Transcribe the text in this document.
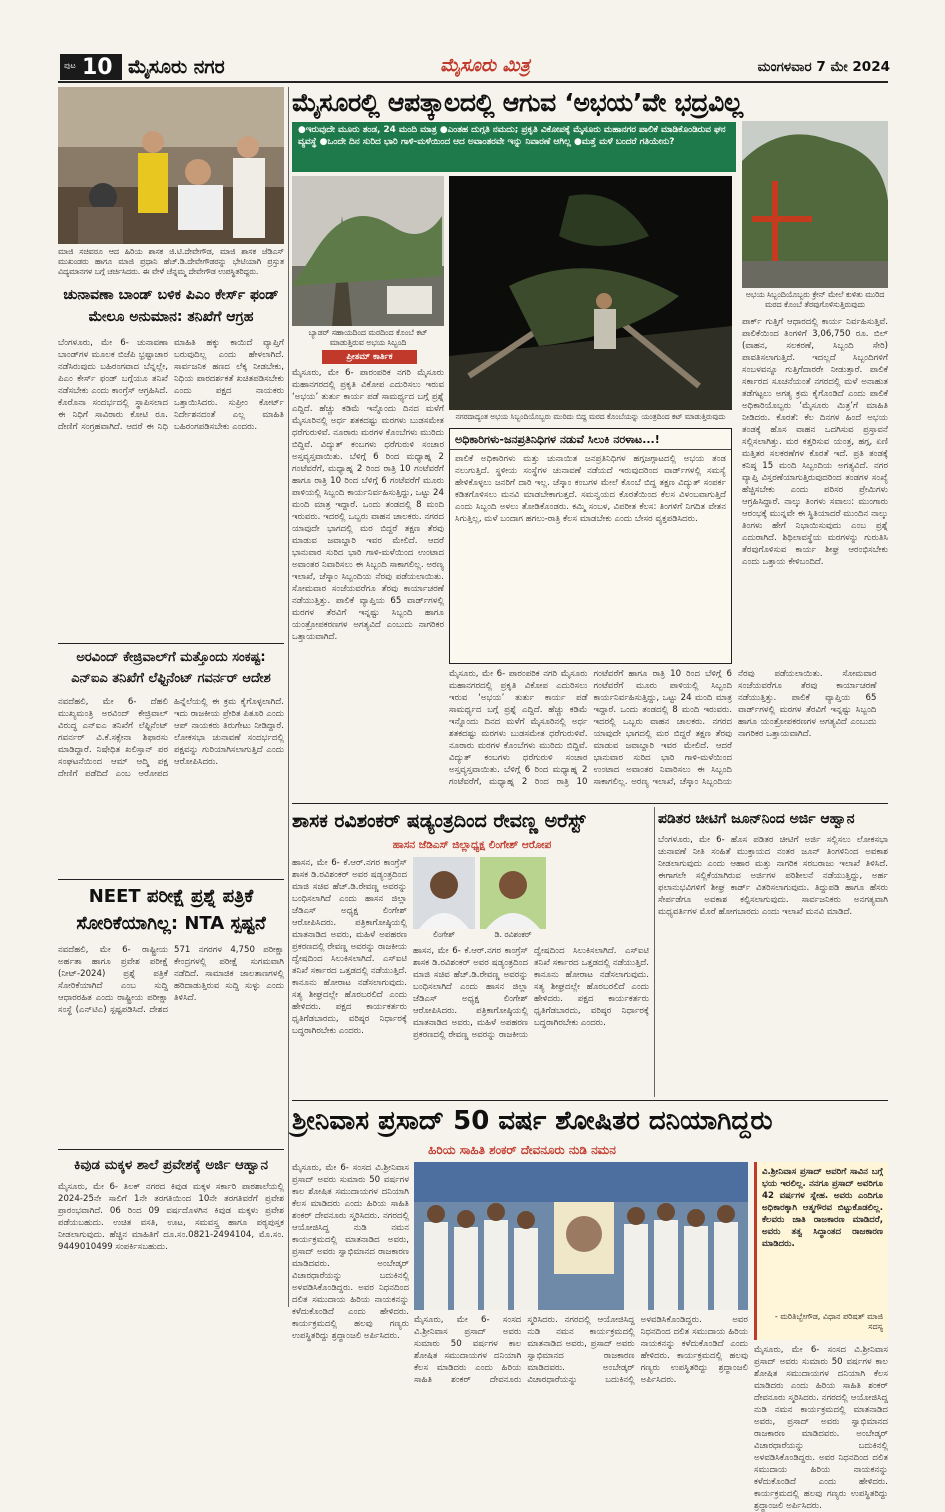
ಪುಟ 10 ಮೈಸೂರು ನಗರ	ಮೈಸೂರು ಮಿತ್ರ	ಮಂಗಳವಾರ 7 ಮೇ 2024
ಮಾಜಿ ಸಚಿವರೂ ಆದ ಹಿರಿಯ ಶಾಸಕ ಜಿ.ಟಿ.ದೇವೇಗೌಡ, ಮಾಜಿ ಶಾಸಕ ಜೆಡಿಎಸ್ ಮುಖಂಡರು ಹಾಗೂ ಮಾಜಿ ಪ್ರಧಾನಿ ಹೆಚ್.ಡಿ.ದೇವೇಗೌಡರನ್ನು ಭೇಟಿಯಾಗಿ ಪ್ರಸ್ತುತ ವಿದ್ಯಮಾನಗಳ ಬಗ್ಗೆ ಚರ್ಚಿಸಿದರು. ಈ ವೇಳೆ ಚೆನ್ನಮ್ಮ ದೇವೇಗೌಡ ಉಪಸ್ಥಿತರಿದ್ದರು.
ಚುನಾವಣಾ ಬಾಂಡ್ ಬಳಿಕ ಪಿಎಂ ಕೇರ್ಸ್ ಫಂಡ್ ಮೇಲೂ ಅನುಮಾನ: ತನಿಖೆಗೆ ಆಗ್ರಹ
ಬೆಂಗಳೂರು, ಮೇ 6- ಚುನಾವಣಾ ಬಾಂಡ್‌ಗಳ ಮೂಲಕ ಬಿಜೆಪಿ ಭ್ರಷ್ಟಾಚಾರ ನಡೆಸಿರುವುದು ಬಹಿರಂಗವಾದ ಬೆನ್ನಲ್ಲೇ, ಪಿಎಂ ಕೇರ್ಸ್ ಫಂಡ್ ಬಗ್ಗೆಯೂ ತನಿಖೆ ನಡೆಸಬೇಕು ಎಂದು ಕಾಂಗ್ರೆಸ್ ಆಗ್ರಹಿಸಿದೆ. ಕೊರೊನಾ ಸಂದರ್ಭದಲ್ಲಿ ಸ್ಥಾಪಿಸಲಾದ ಈ ನಿಧಿಗೆ ಸಾವಿರಾರು ಕೋಟಿ ರೂ. ದೇಣಿಗೆ ಸಂಗ್ರಹವಾಗಿದೆ. ಆದರೆ ಈ ನಿಧಿ ಮಾಹಿತಿ ಹಕ್ಕು ಕಾಯಿದೆ ವ್ಯಾಪ್ತಿಗೆ ಬರುವುದಿಲ್ಲ ಎಂದು ಹೇಳಲಾಗಿದೆ. ಸಾರ್ವಜನಿಕ ಹಣದ ಲೆಕ್ಕ ನೀಡಬೇಕು, ನಿಧಿಯ ಪಾರದರ್ಶಕತೆ ಖಚಿತಪಡಿಸಬೇಕು ಎಂದು ಪಕ್ಷದ ನಾಯಕರು ಒತ್ತಾಯಿಸಿದರು. ಸುಪ್ರೀಂ ಕೋರ್ಟ್ ನಿರ್ದೇಶನದಂತೆ ಎಲ್ಲ ಮಾಹಿತಿ ಬಹಿರಂಗಪಡಿಸಬೇಕು ಎಂದರು.
ಅರವಿಂದ್ ಕೇಜ್ರಿವಾಲ್‌ಗೆ ಮತ್ತೊಂದು ಸಂಕಷ್ಟ: ಎನ್‌ಐಎ ತನಿಖೆಗೆ ಲೆಫ್ಟಿನೆಂಟ್ ಗವರ್ನರ್ ಆದೇಶ
ನವದೆಹಲಿ, ಮೇ 6- ದೆಹಲಿ ಮುಖ್ಯಮಂತ್ರಿ ಅರವಿಂದ್ ಕೇಜ್ರಿವಾಲ್ ವಿರುದ್ಧ ಎನ್‌ಐಎ ತನಿಖೆಗೆ ಲೆಫ್ಟಿನೆಂಟ್ ಗವರ್ನರ್ ವಿ.ಕೆ.ಸಕ್ಸೇನಾ ಶಿಫಾರಸು ಮಾಡಿದ್ದಾರೆ. ನಿಷೇಧಿತ ಖಲಿಸ್ತಾನ್ ಪರ ಸಂಘಟನೆಯಿಂದ ಆಮ್ ಆದ್ಮಿ ಪಕ್ಷ ದೇಣಿಗೆ ಪಡೆದಿದೆ ಎಂಬ ಆರೋಪದ ಹಿನ್ನೆಲೆಯಲ್ಲಿ ಈ ಕ್ರಮ ಕೈಗೊಳ್ಳಲಾಗಿದೆ. ಇದು ರಾಜಕೀಯ ಪ್ರೇರಿತ ಪಿತೂರಿ ಎಂದು ಆಪ್ ನಾಯಕರು ತಿರುಗೇಟು ನೀಡಿದ್ದಾರೆ. ಲೋಕಸಭಾ ಚುನಾವಣೆ ಸಂದರ್ಭದಲ್ಲಿ ಪಕ್ಷವನ್ನು ಗುರಿಯಾಗಿಸಲಾಗುತ್ತಿದೆ ಎಂದು ಆರೋಪಿಸಿದರು.
NEET ಪರೀಕ್ಷೆ ಪ್ರಶ್ನೆ ಪತ್ರಿಕೆ ಸೋರಿಕೆಯಾಗಿಲ್ಲ: NTA ಸ್ಪಷ್ಟನೆ
ನವದೆಹಲಿ, ಮೇ 6- ರಾಷ್ಟ್ರೀಯ ಅರ್ಹತಾ ಹಾಗೂ ಪ್ರವೇಶ ಪರೀಕ್ಷೆ (ನೀಟ್-2024) ಪ್ರಶ್ನೆ ಪತ್ರಿಕೆ ಸೋರಿಕೆಯಾಗಿದೆ ಎಂಬ ಸುದ್ದಿ ಆಧಾರರಹಿತ ಎಂದು ರಾಷ್ಟ್ರೀಯ ಪರೀಕ್ಷಾ ಸಂಸ್ಥೆ (ಎನ್‌ಟಿಎ) ಸ್ಪಷ್ಟಪಡಿಸಿದೆ. ದೇಶದ 571 ನಗರಗಳ 4,750 ಪರೀಕ್ಷಾ ಕೇಂದ್ರಗಳಲ್ಲಿ ಪರೀಕ್ಷೆ ಸುಗಮವಾಗಿ ನಡೆದಿದೆ. ಸಾಮಾಜಿಕ ಜಾಲತಾಣಗಳಲ್ಲಿ ಹರಿದಾಡುತ್ತಿರುವ ಸುದ್ದಿ ಸುಳ್ಳು ಎಂದು ತಿಳಿಸಿದೆ.
ಕಿವುಡ ಮಕ್ಕಳ ಶಾಲೆ ಪ್ರವೇಶಕ್ಕೆ ಅರ್ಜಿ ಆಹ್ವಾನ
ಮೈಸೂರು, ಮೇ 6- ತಿಲಕ್ ನಗರದ ಕಿವುಡ ಮಕ್ಕಳ ಸರ್ಕಾರಿ ಪಾಠಶಾಲೆಯಲ್ಲಿ 2024-25ನೇ ಸಾಲಿಗೆ 1ನೇ ತರಗತಿಯಿಂದ 10ನೇ ತರಗತಿವರೆಗೆ ಪ್ರವೇಶ ಪ್ರಾರಂಭವಾಗಿದೆ. 06 ರಿಂದ 09 ವರ್ಷದೊಳಗಿನ ಕಿವುಡ ಮಕ್ಕಳು ಪ್ರವೇಶ ಪಡೆಯಬಹುದು. ಉಚಿತ ವಸತಿ, ಊಟ, ಸಮವಸ್ತ್ರ ಹಾಗೂ ಪಠ್ಯಪುಸ್ತಕ ನೀಡಲಾಗುವುದು. ಹೆಚ್ಚಿನ ಮಾಹಿತಿಗೆ ದೂ.ಸಂ.0821-2494104, ಮೊ.ಸಂ. 9449010499 ಸಂಪರ್ಕಿಸಬಹುದು.
ಮೈಸೂರಲ್ಲಿ ಆಪತ್ಕಾಲದಲ್ಲಿ ಆಗುವ ‘ಅಭಯ’ವೇ ಭದ್ರವಿಲ್ಲ
●ಇರುವುದೇ ಮೂರು ತಂಡ, 24 ಮಂದಿ ಮಾತ್ರ ●ಎಂತಹ ದುಗ್ಗತಿ ನಮದು; ಪ್ರಕೃತಿ ವಿಕೋಪಕ್ಕೆ ಮೈಸೂರು ಮಹಾನಗರ ಪಾಲಿಕೆ ಮಾಡಿಕೊಂಡಿರುವ ಘನ ವ್ಯವಸ್ಥೆ ●ಒಂದೇ ದಿನ ಸುರಿದ ಭಾರಿ ಗಾಳಿ-ಮಳೆಯಿಂದ ಆದ ಅವಾಂತರವೇ ಇನ್ನು ನಿವಾರಣೆ ಆಗಿಲ್ಲ ●ಮತ್ತೆ ಮಳೆ ಬಂದರೆ ಗತಿಯೇನು?
ಬ್ಯಾಡರ್‌ ಸಹಾಯದಿಂದ ಮರದಿಂದ ಕೊಂಬೆ ಕಟ್ ಮಾಡುತ್ತಿರುವ ಅಭಯ ಸಿಬ್ಬಂದಿ
ನಗರದಾದ್ಯಂತ ಅಭಯ ಸಿಬ್ಬಂದಿಯೊಬ್ಬರು ಮುರಿದು ಬಿದ್ದ ಮರದ ಕೊಂಬೆಯನ್ನು ಯಂತ್ರದಿಂದ ಕಟ್ ಮಾಡುತ್ತಿರುವುದು
ಅಭಯ ಸಿಬ್ಬಂದಿಯೊಬ್ಬರು ಕ್ರೇನ್ ಮೇಲೆ ಕುಳಿತು ಮುರಿದ ಮರದ ಕೊಂಬೆ ತೆರವುಗೊಳಿಸುತ್ತಿರುವುದು
ಪ್ರೀತಮ್ ಕಾರ್ತಿಕ
ಮೈಸೂರು, ಮೇ 6- ಪಾರಂಪರಿಕ ನಗರಿ ಮೈಸೂರು ಮಹಾನಗರದಲ್ಲಿ ಪ್ರಕೃತಿ ವಿಕೋಪ ಎದುರಿಸಲು ಇರುವ ‘ಅಭಯ’ ತುರ್ತು ಕಾರ್ಯ ಪಡೆ ಸಾಮರ್ಥ್ಯದ ಬಗ್ಗೆ ಪ್ರಶ್ನೆ ಎದ್ದಿದೆ. ಹೆಚ್ಚು ಕಡಿಮೆ ಇನ್ನೊಂದು ದಿನದ ಮಳೆಗೆ ಮೈಸೂರಿನಲ್ಲಿ ಅರ್ಧ ಶತಕದಷ್ಟು ಮರಗಳು ಬುಡಸಮೇತ ಧರೆಗುರುಳಿವೆ. ನೂರಾರು ಮರಗಳ ಕೊಂಬೆಗಳು ಮುರಿದು ಬಿದ್ದಿವೆ. ವಿದ್ಯುತ್ ಕಂಬಗಳು ಧರೆಗುರುಳಿ ಸಂಚಾರ ಅಸ್ತವ್ಯಸ್ತವಾಯಿತು. ಬೆಳಿಗ್ಗೆ 6 ರಿಂದ ಮಧ್ಯಾಹ್ನ 2 ಗಂಟೆವರೆಗೆ, ಮಧ್ಯಾಹ್ನ 2 ರಿಂದ ರಾತ್ರಿ 10 ಗಂಟೆವರೆಗೆ ಹಾಗೂ ರಾತ್ರಿ 10 ರಿಂದ ಬೆಳಿಗ್ಗೆ 6 ಗಂಟೆವರೆಗೆ ಮೂರು ಪಾಳಿಯಲ್ಲಿ ಸಿಬ್ಬಂದಿ ಕಾರ್ಯನಿರ್ವಹಿಸುತ್ತಿದ್ದು, ಒಟ್ಟು 24 ಮಂದಿ ಮಾತ್ರ ಇದ್ದಾರೆ. ಒಂದು ತಂಡದಲ್ಲಿ 8 ಮಂದಿ ಇರುವರು. ಇದರಲ್ಲಿ ಒಬ್ಬರು ವಾಹನ ಚಾಲಕರು. ನಗರದ ಯಾವುದೇ ಭಾಗದಲ್ಲಿ ಮರ ಬಿದ್ದರೆ ತಕ್ಷಣ ತೆರವು ಮಾಡುವ ಜವಾಬ್ದಾರಿ ಇವರ ಮೇಲಿದೆ. ಆದರೆ ಭಾನುವಾರ ಸುರಿದ ಭಾರಿ ಗಾಳಿ-ಮಳೆಯಿಂದ ಉಂಟಾದ ಅವಾಂತರ ನಿವಾರಿಸಲು ಈ ಸಿಬ್ಬಂದಿ ಸಾಕಾಗಲಿಲ್ಲ. ಅರಣ್ಯ ಇಲಾಖೆ, ಚೆಸ್ಕಾಂ ಸಿಬ್ಬಂದಿಯ ನೆರವು ಪಡೆಯಲಾಯಿತು. ಸೋಮವಾರ ಸಂಜೆಯವರೆಗೂ ತೆರವು ಕಾರ್ಯಾಚರಣೆ ನಡೆಯುತ್ತಿತ್ತು. ಪಾಲಿಕೆ ವ್ಯಾಪ್ತಿಯ 65 ವಾರ್ಡ್‌ಗಳಲ್ಲಿ ಮರಗಳ ತೆರವಿಗೆ ಇನ್ನಷ್ಟು ಸಿಬ್ಬಂದಿ ಹಾಗೂ ಯಂತ್ರೋಪಕರಣಗಳ ಅಗತ್ಯವಿದೆ ಎಂಬುದು ನಾಗರಿಕರ ಒತ್ತಾಯವಾಗಿದೆ.
ಅಧಿಕಾರಿಗಳು-ಜನಪ್ರತಿನಿಧಿಗಳ ನಡುವೆ ಸಿಲುಕಿ ನರಳಾಟ...!
ಪಾಲಿಕೆ ಅಧಿಕಾರಿಗಳು ಮತ್ತು ಚುನಾಯಿತ ಜನಪ್ರತಿನಿಧಿಗಳ ಹಗ್ಗಜಗ್ಗಾಟದಲ್ಲಿ ಅಭಯ ತಂಡ ನಲುಗುತ್ತಿದೆ. ಸ್ಥಳೀಯ ಸಂಸ್ಥೆಗಳ ಚುನಾವಣೆ ನಡೆಯದೆ ಇರುವುದರಿಂದ ವಾರ್ಡ್‌ಗಳಲ್ಲಿ ಸಮಸ್ಯೆ ಹೇಳಿಕೊಳ್ಳಲು ಜನರಿಗೆ ದಾರಿ ಇಲ್ಲ. ಚೆಸ್ಕಾಂ ಕಂಬಗಳ ಮೇಲೆ ಕೊಂಬೆ ಬಿದ್ದ ತಕ್ಷಣ ವಿದ್ಯುತ್ ಸಂಪರ್ಕ ಕಡಿತಗೊಳಿಸಲು ಮನವಿ ಮಾಡಬೇಕಾಗುತ್ತದೆ. ಸಮನ್ವಯದ ಕೊರತೆಯಿಂದ ಕೆಲಸ ವಿಳಂಬವಾಗುತ್ತಿದೆ ಎಂದು ಸಿಬ್ಬಂದಿ ಅಳಲು ತೋಡಿಕೊಂಡರು. ಕಮ್ಮಿ ಸಂಬಳ, ವಿಪರೀತ ಕೆಲಸ: ತಿಂಗಳಿಗೆ ನಿಗದಿತ ವೇತನ ಸಿಗುತ್ತಿಲ್ಲ, ಮಳೆ ಬಂದಾಗ ಹಗಲು-ರಾತ್ರಿ ಕೆಲಸ ಮಾಡಬೇಕು ಎಂದು ಬೇಸರ ವ್ಯಕ್ತಪಡಿಸಿದರು.
ಪಾರ್ಕ್ ಗುತ್ತಿಗೆ ಆಧಾರದಲ್ಲಿ ಕಾರ್ಯ ನಿರ್ವಹಿಸುತ್ತಿವೆ. ಪಾಲಿಕೆಯಿಂದ ತಿಂಗಳಿಗೆ 3,06,750 ರೂ. ಬಿಲ್ (ವಾಹನ, ಸಲಕರಣೆ, ಸಿಬ್ಬಂದಿ ಸೇರಿ) ಪಾವತಿಸಲಾಗುತ್ತಿದೆ. ಇದಲ್ಲದೆ ಸಿಬ್ಬಂದಿಗಳಿಗೆ ಸಂಬಳವನ್ನೂ ಗುತ್ತಿಗೆದಾರರೇ ನೀಡುತ್ತಾರೆ. ಪಾಲಿಕೆ ಸರ್ಕಾರದ ಸೂಚನೆಯಂತೆ ನಗರದಲ್ಲಿ ಮಳೆ ಅನಾಹುತ ತಡೆಗಟ್ಟಲು ಅಗತ್ಯ ಕ್ರಮ ಕೈಗೊಂಡಿದೆ ಎಂದು ಪಾಲಿಕೆ ಅಧಿಕಾರಿಯೊಬ್ಬರು ‘ಮೈಸೂರು ಮಿತ್ರ’ಗೆ ಮಾಹಿತಿ ನೀಡಿದರು. ಕೊರತೆ: ಕೆಲ ದಿನಗಳ ಹಿಂದೆ ಅಭಯ ತಂಡಕ್ಕೆ ಹೊಸ ವಾಹನ ಒದಗಿಸುವ ಪ್ರಸ್ತಾವನೆ ಸಲ್ಲಿಸಲಾಗಿತ್ತು. ಮರ ಕತ್ತರಿಸುವ ಯಂತ್ರ, ಹಗ್ಗ, ಏಣಿ ಮತ್ತಿತರ ಸಲಕರಣೆಗಳ ಕೊರತೆ ಇದೆ. ಪ್ರತಿ ತಂಡಕ್ಕೆ ಕನಿಷ್ಠ 15 ಮಂದಿ ಸಿಬ್ಬಂದಿಯ ಅಗತ್ಯವಿದೆ. ನಗರ ವ್ಯಾಪ್ತಿ ವಿಸ್ತರಣೆಯಾಗುತ್ತಿರುವುದರಿಂದ ತಂಡಗಳ ಸಂಖ್ಯೆ ಹೆಚ್ಚಿಸಬೇಕು ಎಂದು ಪರಿಸರ ಪ್ರೇಮಿಗಳು ಆಗ್ರಹಿಸಿದ್ದಾರೆ. ನಾಲ್ಕು ತಿಂಗಳು ಸವಾಲು: ಮುಂಗಾರು ಆರಂಭಕ್ಕೆ ಮುನ್ನವೇ ಈ ಸ್ಥಿತಿಯಾದರೆ ಮುಂದಿನ ನಾಲ್ಕು ತಿಂಗಳು ಹೇಗೆ ನಿಭಾಯಿಸುವುದು ಎಂಬ ಪ್ರಶ್ನೆ ಎದುರಾಗಿದೆ. ಶಿಥಿಲಾವಸ್ಥೆಯ ಮರಗಳನ್ನು ಗುರುತಿಸಿ ತೆರವುಗೊಳಿಸುವ ಕಾರ್ಯ ಶೀಘ್ರ ಆರಂಭಿಸಬೇಕು ಎಂದು ಒತ್ತಾಯ ಕೇಳಿಬಂದಿದೆ.
ಮೈಸೂರು, ಮೇ 6- ಪಾರಂಪರಿಕ ನಗರಿ ಮೈಸೂರು ಮಹಾನಗರದಲ್ಲಿ ಪ್ರಕೃತಿ ವಿಕೋಪ ಎದುರಿಸಲು ಇರುವ ‘ಅಭಯ’ ತುರ್ತು ಕಾರ್ಯ ಪಡೆ ಸಾಮರ್ಥ್ಯದ ಬಗ್ಗೆ ಪ್ರಶ್ನೆ ಎದ್ದಿದೆ. ಹೆಚ್ಚು ಕಡಿಮೆ ಇನ್ನೊಂದು ದಿನದ ಮಳೆಗೆ ಮೈಸೂರಿನಲ್ಲಿ ಅರ್ಧ ಶತಕದಷ್ಟು ಮರಗಳು ಬುಡಸಮೇತ ಧರೆಗುರುಳಿವೆ. ನೂರಾರು ಮರಗಳ ಕೊಂಬೆಗಳು ಮುರಿದು ಬಿದ್ದಿವೆ. ವಿದ್ಯುತ್ ಕಂಬಗಳು ಧರೆಗುರುಳಿ ಸಂಚಾರ ಅಸ್ತವ್ಯಸ್ತವಾಯಿತು. ಬೆಳಿಗ್ಗೆ 6 ರಿಂದ ಮಧ್ಯಾಹ್ನ 2 ಗಂಟೆವರೆಗೆ, ಮಧ್ಯಾಹ್ನ 2 ರಿಂದ ರಾತ್ರಿ 10 ಗಂಟೆವರೆಗೆ ಹಾಗೂ ರಾತ್ರಿ 10 ರಿಂದ ಬೆಳಿಗ್ಗೆ 6 ಗಂಟೆವರೆಗೆ ಮೂರು ಪಾಳಿಯಲ್ಲಿ ಸಿಬ್ಬಂದಿ ಕಾರ್ಯನಿರ್ವಹಿಸುತ್ತಿದ್ದು, ಒಟ್ಟು 24 ಮಂದಿ ಮಾತ್ರ ಇದ್ದಾರೆ. ಒಂದು ತಂಡದಲ್ಲಿ 8 ಮಂದಿ ಇರುವರು. ಇದರಲ್ಲಿ ಒಬ್ಬರು ವಾಹನ ಚಾಲಕರು. ನಗರದ ಯಾವುದೇ ಭಾಗದಲ್ಲಿ ಮರ ಬಿದ್ದರೆ ತಕ್ಷಣ ತೆರವು ಮಾಡುವ ಜವಾಬ್ದಾರಿ ಇವರ ಮೇಲಿದೆ. ಆದರೆ ಭಾನುವಾರ ಸುರಿದ ಭಾರಿ ಗಾಳಿ-ಮಳೆಯಿಂದ ಉಂಟಾದ ಅವಾಂತರ ನಿವಾರಿಸಲು ಈ ಸಿಬ್ಬಂದಿ ಸಾಕಾಗಲಿಲ್ಲ. ಅರಣ್ಯ ಇಲಾಖೆ, ಚೆಸ್ಕಾಂ ಸಿಬ್ಬಂದಿಯ ನೆರವು ಪಡೆಯಲಾಯಿತು. ಸೋಮವಾರ ಸಂಜೆಯವರೆಗೂ ತೆರವು ಕಾರ್ಯಾಚರಣೆ ನಡೆಯುತ್ತಿತ್ತು. ಪಾಲಿಕೆ ವ್ಯಾಪ್ತಿಯ 65 ವಾರ್ಡ್‌ಗಳಲ್ಲಿ ಮರಗಳ ತೆರವಿಗೆ ಇನ್ನಷ್ಟು ಸಿಬ್ಬಂದಿ ಹಾಗೂ ಯಂತ್ರೋಪಕರಣಗಳ ಅಗತ್ಯವಿದೆ ಎಂಬುದು ನಾಗರಿಕರ ಒತ್ತಾಯವಾಗಿದೆ.
ಶಾಸಕ ರವಿಶಂಕರ್ ಷಡ್ಯಂತ್ರದಿಂದ ರೇವಣ್ಣ ಅರೆಸ್ಟ್
ಹಾಸನ ಜೆಡಿಎಸ್ ಜಿಲ್ಲಾಧ್ಯಕ್ಷ ಲಿಂಗೇಶ್ ಆರೋಪ
ಹಾಸನ, ಮೇ 6- ಕೆ.ಆರ್.ನಗರ ಕಾಂಗ್ರೆಸ್ ಶಾಸಕ ಡಿ.ರವಿಶಂಕರ್ ಅವರ ಷಡ್ಯಂತ್ರದಿಂದ ಮಾಜಿ ಸಚಿವ ಹೆಚ್.ಡಿ.ರೇವಣ್ಣ ಅವರನ್ನು ಬಂಧಿಸಲಾಗಿದೆ ಎಂದು ಹಾಸನ ಜಿಲ್ಲಾ ಜೆಡಿಎಸ್ ಅಧ್ಯಕ್ಷ ಲಿಂಗೇಶ್ ಆರೋಪಿಸಿದರು. ಪತ್ರಿಕಾಗೋಷ್ಠಿಯಲ್ಲಿ ಮಾತನಾಡಿದ ಅವರು, ಮಹಿಳೆ ಅಪಹರಣ ಪ್ರಕರಣದಲ್ಲಿ ರೇವಣ್ಣ ಅವರನ್ನು ರಾಜಕೀಯ ದ್ವೇಷದಿಂದ ಸಿಲುಕಿಸಲಾಗಿದೆ. ಎಸ್‌ಐಟಿ ತನಿಖೆ ಸರ್ಕಾರದ ಒತ್ತಡದಲ್ಲಿ ನಡೆಯುತ್ತಿದೆ. ಕಾನೂನು ಹೋರಾಟ ನಡೆಸಲಾಗುವುದು. ಸತ್ಯ ಶೀಘ್ರದಲ್ಲೇ ಹೊರಬರಲಿದೆ ಎಂದು ಹೇಳಿದರು. ಪಕ್ಷದ ಕಾರ್ಯಕರ್ತರು ಧೃತಿಗೆಡಬಾರದು, ವರಿಷ್ಠರ ನಿರ್ಧಾರಕ್ಕೆ ಬದ್ಧರಾಗಿರಬೇಕು ಎಂದರು.
ಲಿಂಗೇಶ್	ಡಿ. ರವಿಶಂಕರ್
ಹಾಸನ, ಮೇ 6- ಕೆ.ಆರ್.ನಗರ ಕಾಂಗ್ರೆಸ್ ಶಾಸಕ ಡಿ.ರವಿಶಂಕರ್ ಅವರ ಷಡ್ಯಂತ್ರದಿಂದ ಮಾಜಿ ಸಚಿವ ಹೆಚ್.ಡಿ.ರೇವಣ್ಣ ಅವರನ್ನು ಬಂಧಿಸಲಾಗಿದೆ ಎಂದು ಹಾಸನ ಜಿಲ್ಲಾ ಜೆಡಿಎಸ್ ಅಧ್ಯಕ್ಷ ಲಿಂಗೇಶ್ ಆರೋಪಿಸಿದರು. ಪತ್ರಿಕಾಗೋಷ್ಠಿಯಲ್ಲಿ ಮಾತನಾಡಿದ ಅವರು, ಮಹಿಳೆ ಅಪಹರಣ ಪ್ರಕರಣದಲ್ಲಿ ರೇವಣ್ಣ ಅವರನ್ನು ರಾಜಕೀಯ ದ್ವೇಷದಿಂದ ಸಿಲುಕಿಸಲಾಗಿದೆ. ಎಸ್‌ಐಟಿ ತನಿಖೆ ಸರ್ಕಾರದ ಒತ್ತಡದಲ್ಲಿ ನಡೆಯುತ್ತಿದೆ. ಕಾನೂನು ಹೋರಾಟ ನಡೆಸಲಾಗುವುದು. ಸತ್ಯ ಶೀಘ್ರದಲ್ಲೇ ಹೊರಬರಲಿದೆ ಎಂದು ಹೇಳಿದರು. ಪಕ್ಷದ ಕಾರ್ಯಕರ್ತರು ಧೃತಿಗೆಡಬಾರದು, ವರಿಷ್ಠರ ನಿರ್ಧಾರಕ್ಕೆ ಬದ್ಧರಾಗಿರಬೇಕು ಎಂದರು.
ಪಡಿತರ ಚೀಟಿಗೆ ಜೂನ್‌ನಿಂದ ಅರ್ಜಿ ಆಹ್ವಾನ
ಬೆಂಗಳೂರು, ಮೇ 6- ಹೊಸ ಪಡಿತರ ಚೀಟಿಗೆ ಅರ್ಜಿ ಸಲ್ಲಿಸಲು ಲೋಕಸಭಾ ಚುನಾವಣೆ ನೀತಿ ಸಂಹಿತೆ ಮುಕ್ತಾಯದ ನಂತರ ಜೂನ್ ತಿಂಗಳಿನಿಂದ ಅವಕಾಶ ನೀಡಲಾಗುವುದು ಎಂದು ಆಹಾರ ಮತ್ತು ನಾಗರಿಕ ಸರಬರಾಜು ಇಲಾಖೆ ತಿಳಿಸಿದೆ. ಈಗಾಗಲೇ ಸಲ್ಲಿಕೆಯಾಗಿರುವ ಅರ್ಜಿಗಳ ಪರಿಶೀಲನೆ ನಡೆಯುತ್ತಿದ್ದು, ಅರ್ಹ ಫಲಾನುಭವಿಗಳಿಗೆ ಶೀಘ್ರ ಕಾರ್ಡ್ ವಿತರಿಸಲಾಗುವುದು. ತಿದ್ದುಪಡಿ ಹಾಗೂ ಹೆಸರು ಸೇರ್ಪಡೆಗೂ ಅವಕಾಶ ಕಲ್ಪಿಸಲಾಗುವುದು. ಸಾರ್ವಜನಿಕರು ಅನಗತ್ಯವಾಗಿ ಮಧ್ಯವರ್ತಿಗಳ ಮೊರೆ ಹೋಗಬಾರದು ಎಂದು ಇಲಾಖೆ ಮನವಿ ಮಾಡಿದೆ.
ಶ್ರೀನಿವಾಸ ಪ್ರಸಾದ್ 50 ವರ್ಷ ಶೋಷಿತರ ದನಿಯಾಗಿದ್ದರು
ಹಿರಿಯ ಸಾಹಿತಿ ಶಂಕರ್ ದೇವನೂರು ನುಡಿ ನಮನ
ಮೈಸೂರು, ಮೇ 6- ಸಂಸದ ವಿ.ಶ್ರೀನಿವಾಸ ಪ್ರಸಾದ್ ಅವರು ಸುಮಾರು 50 ವರ್ಷಗಳ ಕಾಲ ಶೋಷಿತ ಸಮುದಾಯಗಳ ದನಿಯಾಗಿ ಕೆಲಸ ಮಾಡಿದರು ಎಂದು ಹಿರಿಯ ಸಾಹಿತಿ ಶಂಕರ್ ದೇವನೂರು ಸ್ಮರಿಸಿದರು. ನಗರದಲ್ಲಿ ಆಯೋಜಿಸಿದ್ದ ನುಡಿ ನಮನ ಕಾರ್ಯಕ್ರಮದಲ್ಲಿ ಮಾತನಾಡಿದ ಅವರು, ಪ್ರಸಾದ್ ಅವರು ಸ್ವಾಭಿಮಾನದ ರಾಜಕಾರಣ ಮಾಡಿದವರು. ಅಂಬೇಡ್ಕರ್ ವಿಚಾರಧಾರೆಯನ್ನು ಬದುಕಿನಲ್ಲಿ ಅಳವಡಿಸಿಕೊಂಡಿದ್ದರು. ಅವರ ನಿಧನದಿಂದ ದಲಿತ ಸಮುದಾಯ ಹಿರಿಯ ನಾಯಕನನ್ನು ಕಳೆದುಕೊಂಡಿದೆ ಎಂದು ಹೇಳಿದರು. ಕಾರ್ಯಕ್ರಮದಲ್ಲಿ ಹಲವು ಗಣ್ಯರು ಉಪಸ್ಥಿತರಿದ್ದು ಶ್ರದ್ಧಾಂಜಲಿ ಅರ್ಪಿಸಿದರು.
ಮೈಸೂರು, ಮೇ 6- ಸಂಸದ ವಿ.ಶ್ರೀನಿವಾಸ ಪ್ರಸಾದ್ ಅವರು ಸುಮಾರು 50 ವರ್ಷಗಳ ಕಾಲ ಶೋಷಿತ ಸಮುದಾಯಗಳ ದನಿಯಾಗಿ ಕೆಲಸ ಮಾಡಿದರು ಎಂದು ಹಿರಿಯ ಸಾಹಿತಿ ಶಂಕರ್ ದೇವನೂರು ಸ್ಮರಿಸಿದರು. ನಗರದಲ್ಲಿ ಆಯೋಜಿಸಿದ್ದ ನುಡಿ ನಮನ ಕಾರ್ಯಕ್ರಮದಲ್ಲಿ ಮಾತನಾಡಿದ ಅವರು, ಪ್ರಸಾದ್ ಅವರು ಸ್ವಾಭಿಮಾನದ ರಾಜಕಾರಣ ಮಾಡಿದವರು. ಅಂಬೇಡ್ಕರ್ ವಿಚಾರಧಾರೆಯನ್ನು ಬದುಕಿನಲ್ಲಿ ಅಳವಡಿಸಿಕೊಂಡಿದ್ದರು. ಅವರ ನಿಧನದಿಂದ ದಲಿತ ಸಮುದಾಯ ಹಿರಿಯ ನಾಯಕನನ್ನು ಕಳೆದುಕೊಂಡಿದೆ ಎಂದು ಹೇಳಿದರು. ಕಾರ್ಯಕ್ರಮದಲ್ಲಿ ಹಲವು ಗಣ್ಯರು ಉಪಸ್ಥಿತರಿದ್ದು ಶ್ರದ್ಧಾಂಜಲಿ ಅರ್ಪಿಸಿದರು.
ವಿ.ಶ್ರೀನಿವಾಸ ಪ್ರಸಾದ್ ಅವರಿಗೆ ಸಾವಿನ ಬಗ್ಗೆ ಭಯ ಇರಲಿಲ್ಲ. ನನಗೂ ಪ್ರಸಾದ್ ಅವರಿಗೂ 42 ವರ್ಷಗಳ ಸ್ನೇಹ. ಅವರು ಎಂದಿಗೂ ಅಧಿಕಾರಕ್ಕಾಗಿ ಆತ್ಮಗೌರವ ಬಿಟ್ಟುಕೊಡಲಿಲ್ಲ. ಕೆಲವರು ಜಾತಿ ರಾಜಕಾರಣ ಮಾಡಿದರೆ, ಅವರು ತತ್ವ ಸಿದ್ಧಾಂತದ ರಾಜಕಾರಣ ಮಾಡಿದರು.
- ಮರಿತಿಬ್ಬೇಗೌಡ, ವಿಧಾನ ಪರಿಷತ್ ಮಾಜಿ ಸದಸ್ಯ
ಮೈಸೂರು, ಮೇ 6- ಸಂಸದ ವಿ.ಶ್ರೀನಿವಾಸ ಪ್ರಸಾದ್ ಅವರು ಸುಮಾರು 50 ವರ್ಷಗಳ ಕಾಲ ಶೋಷಿತ ಸಮುದಾಯಗಳ ದನಿಯಾಗಿ ಕೆಲಸ ಮಾಡಿದರು ಎಂದು ಹಿರಿಯ ಸಾಹಿತಿ ಶಂಕರ್ ದೇವನೂರು ಸ್ಮರಿಸಿದರು. ನಗರದಲ್ಲಿ ಆಯೋಜಿಸಿದ್ದ ನುಡಿ ನಮನ ಕಾರ್ಯಕ್ರಮದಲ್ಲಿ ಮಾತನಾಡಿದ ಅವರು, ಪ್ರಸಾದ್ ಅವರು ಸ್ವಾಭಿಮಾನದ ರಾಜಕಾರಣ ಮಾಡಿದವರು. ಅಂಬೇಡ್ಕರ್ ವಿಚಾರಧಾರೆಯನ್ನು ಬದುಕಿನಲ್ಲಿ ಅಳವಡಿಸಿಕೊಂಡಿದ್ದರು. ಅವರ ನಿಧನದಿಂದ ದಲಿತ ಸಮುದಾಯ ಹಿರಿಯ ನಾಯಕನನ್ನು ಕಳೆದುಕೊಂಡಿದೆ ಎಂದು ಹೇಳಿದರು. ಕಾರ್ಯಕ್ರಮದಲ್ಲಿ ಹಲವು ಗಣ್ಯರು ಉಪಸ್ಥಿತರಿದ್ದು ಶ್ರದ್ಧಾಂಜಲಿ ಅರ್ಪಿಸಿದರು.
